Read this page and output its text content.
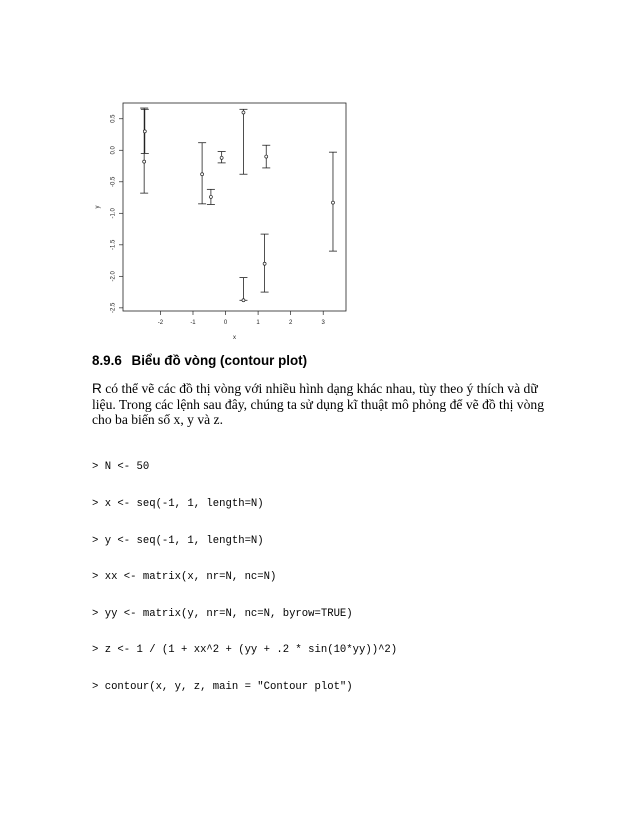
-2	-1	0	1	2	3
-2.5
-2.0
-1.5
-1.0
-0.5
0.0
0.5
x
y
8.9.6 Biểu đồ vòng (contour plot)
R có thể vẽ các đồ thị vòng với nhiều hình dạng khác nhau, tùy theo ý thích và dữ liệu. Trong các lệnh sau đây, chúng ta sử dụng kĩ thuật mô phỏng để vẽ đồ thị vòng cho ba biến số x, y và z.

> N <- 50

> x <- seq(-1, 1, length=N)

> y <- seq(-1, 1, length=N)

> xx <- matrix(x, nr=N, nc=N)

> yy <- matrix(y, nr=N, nc=N, byrow=TRUE)

> z <- 1 / (1 + xx^2 + (yy + .2 * sin(10*yy))^2)

> contour(x, y, z, main = "Contour plot")
